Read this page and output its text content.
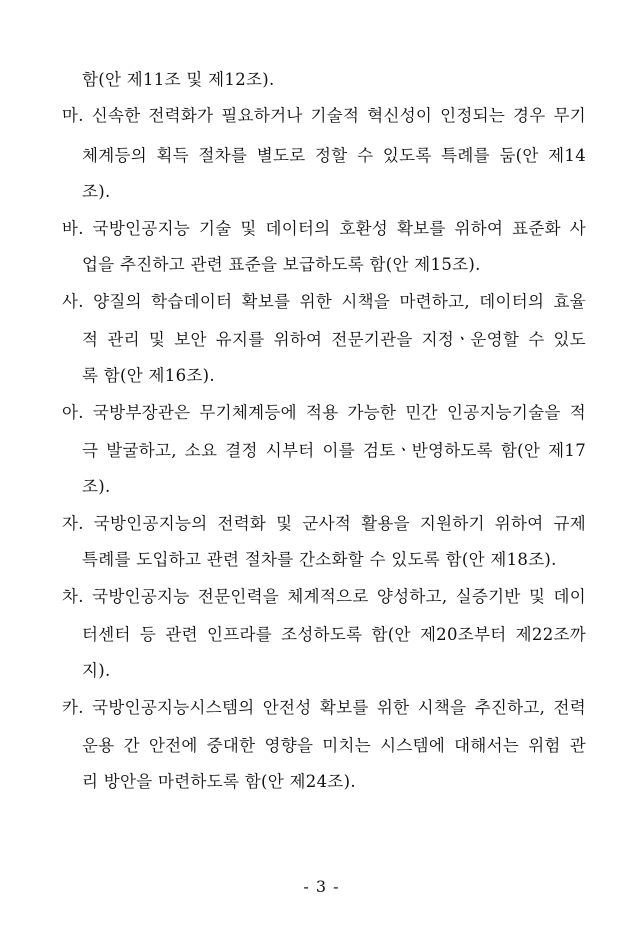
함(안 제11조 및 제12조).
마. 신속한 전력화가 필요하거나 기술적 혁신성이 인정되는 경우 무기
체계등의 획득 절차를 별도로 정할 수 있도록 특례를 둠(안 제14
조).
바. 국방인공지능 기술 및 데이터의 호환성 확보를 위하여 표준화 사
업을 추진하고 관련 표준을 보급하도록 함(안 제15조).
사. 양질의 학습데이터 확보를 위한 시책을 마련하고, 데이터의 효율
적 관리 및 보안 유지를 위하여 전문기관을 지정ㆍ운영할 수 있도
록 함(안 제16조).
아. 국방부장관은 무기체계등에 적용 가능한 민간 인공지능기술을 적
극 발굴하고, 소요 결정 시부터 이를 검토ㆍ반영하도록 함(안 제17
조).
자. 국방인공지능의 전력화 및 군사적 활용을 지원하기 위하여 규제
특례를 도입하고 관련 절차를 간소화할 수 있도록 함(안 제18조).
차. 국방인공지능 전문인력을 체계적으로 양성하고, 실증기반 및 데이
터센터 등 관련 인프라를 조성하도록 함(안 제20조부터 제22조까
지).
카. 국방인공지능시스템의 안전성 확보를 위한 시책을 추진하고, 전력
운용 간 안전에 중대한 영향을 미치는 시스템에 대해서는 위험 관
리 방안을 마련하도록 함(안 제24조).
- 3 -
